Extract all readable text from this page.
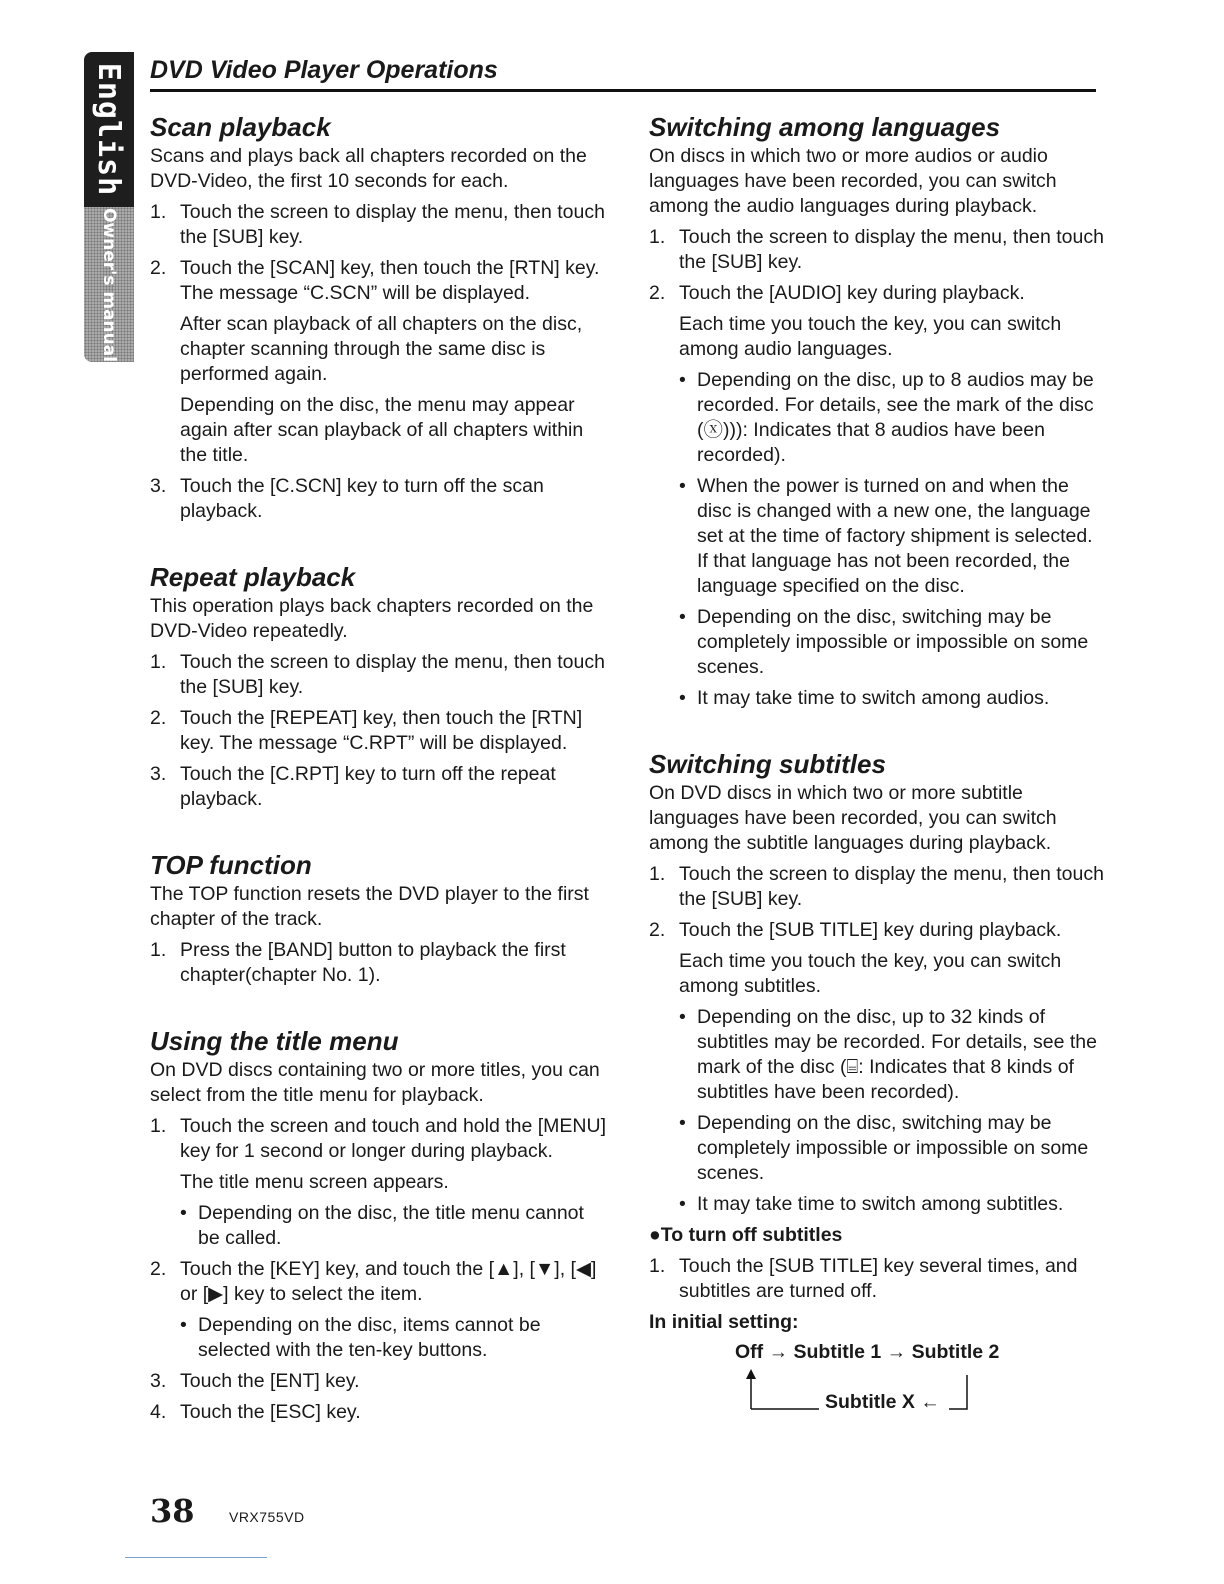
English
Owner's manual
DVD Video Player Operations
Scan playback

Scans and plays back all chapters recorded on the DVD-Video, the first 10 seconds for each.

1. Touch the screen to display the menu, then touch the [SUB] key.
2. Touch the [SCAN] key, then touch the [RTN] key. The message “C.SCN” will be displayed.
After scan playback of all chapters on the disc, chapter scanning through the same disc is performed again.
Depending on the disc, the menu may appear again after scan playback of all chapters within the title.
3. Touch the [C.SCN] key to turn off the scan playback.
Repeat playback

This operation plays back chapters recorded on the DVD-Video repeatedly.

1. Touch the screen to display the menu, then touch the [SUB] key.
2. Touch the [REPEAT] key, then touch the [RTN] key. The message “C.RPT” will be displayed.
3. Touch the [C.RPT] key to turn off the repeat playback.
TOP function

The TOP function resets the DVD player to the first chapter of the track.

1. Press the [BAND] button to playback the first chapter(chapter No. 1).
Using the title menu

On DVD discs containing two or more titles, you can select from the title menu for playback.

1. Touch the screen and touch and hold the [MENU] key for 1 second or longer during playback.
The title menu screen appears.
• Depending on the disc, the title menu cannot be called.
2. Touch the [KEY] key, and touch the [▲], [▼], [◀] or [▶] key to select the item.
• Depending on the disc, items cannot be selected with the ten-key buttons.
3. Touch the [ENT] key.
4. Touch the [ESC] key.
Switching among languages

On discs in which two or more audios or audio languages have been recorded, you can switch among the audio languages during playback.

1. Touch the screen to display the menu, then touch the [SUB] key.
2. Touch the [AUDIO] key during playback.
Each time you touch the key, you can switch among audio languages.
• Depending on the disc, up to 8 audios may be recorded. For details, see the mark of the disc (ⓧ))): Indicates that 8 audios have been recorded).
• When the power is turned on and when the disc is changed with a new one, the language set at the time of factory shipment is selected. If that language has not been recorded, the language specified on the disc.
• Depending on the disc, switching may be completely impossible or impossible on some scenes.
• It may take time to switch among audios.
Switching subtitles

On DVD discs in which two or more subtitle languages have been recorded, you can switch among the subtitle languages during playback.

1. Touch the screen to display the menu, then touch the [SUB] key.
2. Touch the [SUB TITLE] key during playback.
Each time you touch the key, you can switch among subtitles.
• Depending on the disc, up to 32 kinds of subtitles may be recorded. For details, see the mark of the disc (⌸: Indicates that 8 kinds of subtitles have been recorded).
• Depending on the disc, switching may be completely impossible or impossible on some scenes.
• It may take time to switch among subtitles.
●To turn off subtitles
1. Touch the [SUB TITLE] key several times, and subtitles are turned off.
In initial setting:
Off → Subtitle 1 → Subtitle 2
Subtitle X ←
38 VRX755VD
